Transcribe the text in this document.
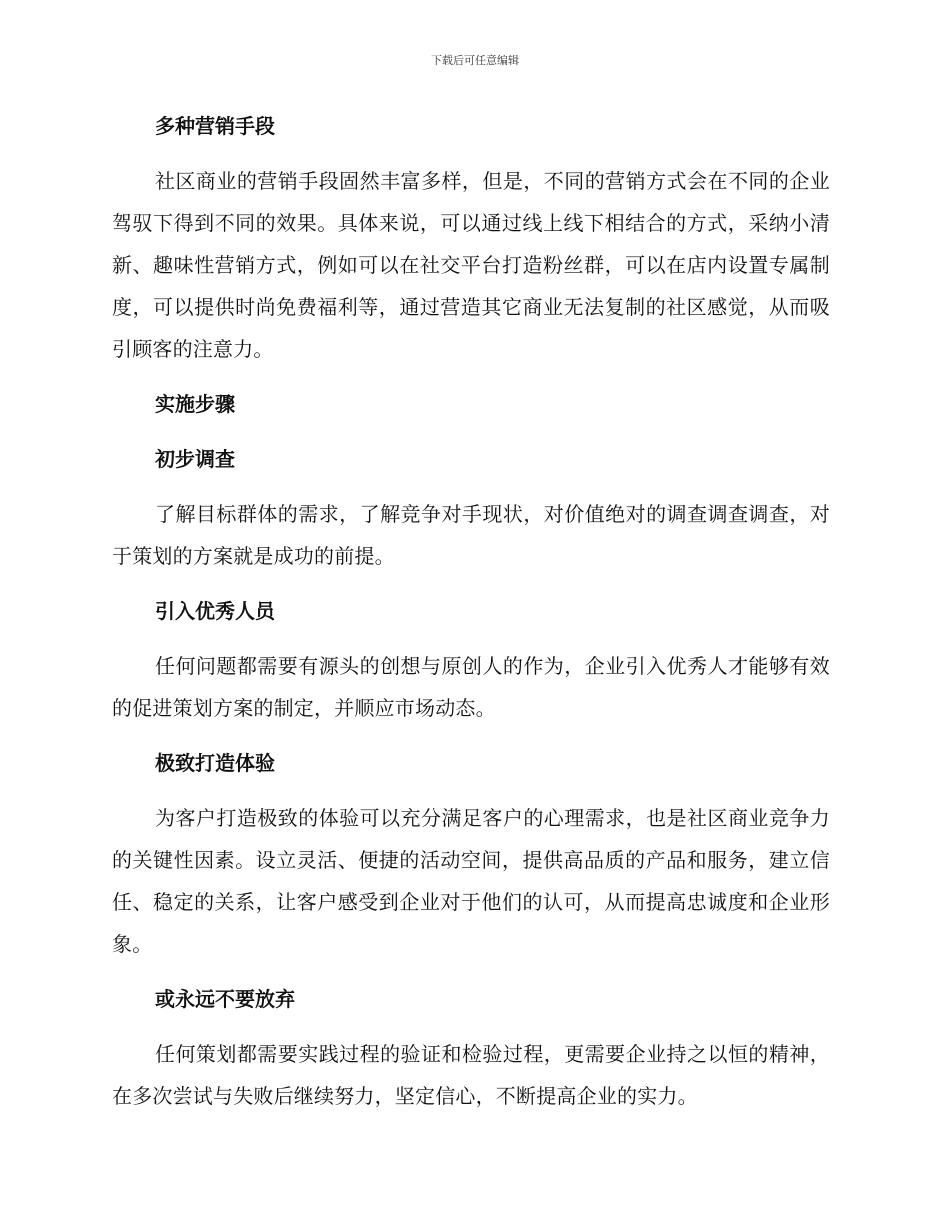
下载后可任意编辑
多种营销手段

社区商业的营销手段固然丰富多样，但是，不同的营销方式会在不同的企业驾驭下得到不同的效果。具体来说，可以通过线上线下相结合的方式，采纳小清新、趣味性营销方式，例如可以在社交平台打造粉丝群，可以在店内设置专属制度，可以提供时尚免费福利等，通过营造其它商业无法复制的社区感觉，从而吸引顾客的注意力。

实施步骤
初步调查

了解目标群体的需求，了解竞争对手现状，对价值绝对的调查调查调查，对于策划的方案就是成功的前提。

引入优秀人员

任何问题都需要有源头的创想与原创人的作为，企业引入优秀人才能够有效的促进策划方案的制定，并顺应市场动态。

极致打造体验

为客户打造极致的体验可以充分满足客户的心理需求，也是社区商业竞争力的关键性因素。设立灵活、便捷的活动空间，提供高品质的产品和服务，建立信任、稳定的关系，让客户感受到企业对于他们的认可，从而提高忠诚度和企业形象。

或永远不要放弃

任何策划都需要实践过程的验证和检验过程，更需要企业持之以恒的精神，在多次尝试与失败后继续努力，坚定信心，不断提高企业的实力。
